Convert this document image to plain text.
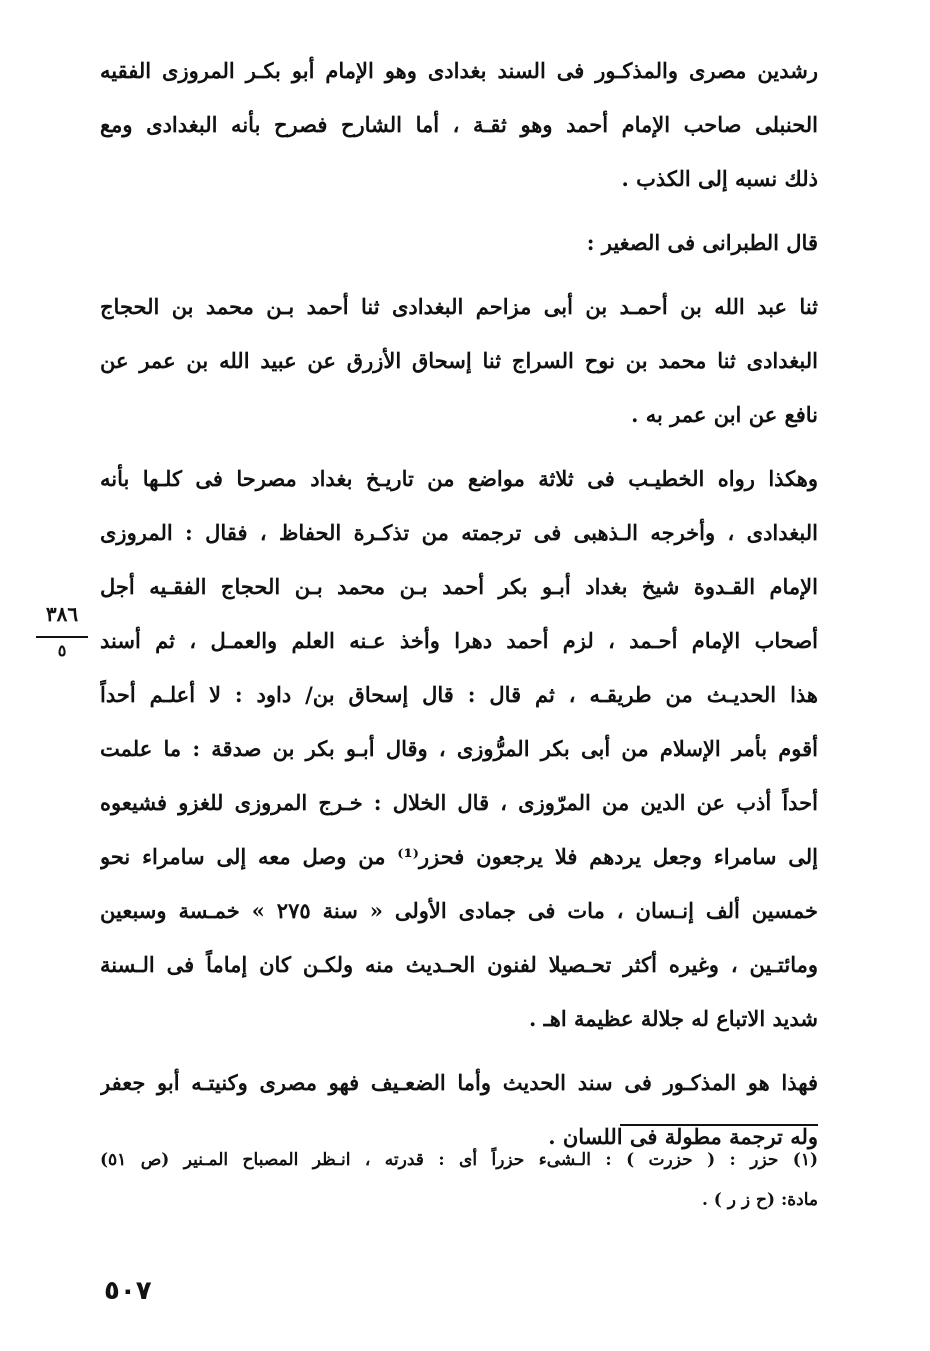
رشدين مصرى والمذكـور فى السند بغدادى وهو الإمام أبو بكـر المروزى الفقيه
الحنبلى صاحب الإمام أحمد وهو ثقـة ، أما الشارح فصرح بأنه البغدادى ومع
ذلك نسبه إلى الكذب .
قال الطبرانى فى الصغير :
ثنا عبد الله بن أحمـد بن أبى مزاحم البغدادى ثنا أحمد بـن محمد بن الحجاج
البغدادى ثنا محمد بن نوح السراج ثنا إسحاق الأزرق عن عبيد الله بن عمر عن
نافع عن ابن عمر به .
وهكذا رواه الخطيـب فى ثلاثة مواضع من تاريـخ بغداد مصرحا فى كلـها بأنه
البغدادى ، وأخرجه الـذهبى فى ترجمته من تذكـرة الحفاظ ، فقال : المروزى
الإمام القـدوة شيخ بغداد أبـو بكر أحمد بـن محمد بـن الحجاج الفقـيه أجل
أصحاب الإمام أحـمد ، لزم أحمد دهرا وأخذ عـنه العلم والعمـل ، ثم أسند
هذا الحديـث من طريقـه ، ثم قال : قال إسحاق بن/ داود : لا أعلـم أحداً
أقوم بأمر الإسلام من أبى بكر المرُّوزى ، وقال أبـو بكر بن صدقة : ما علمت
أحداً أذب عن الدين من المرّوزى ، قال الخلال : خـرج المروزى للغزو فشيعوه
إلى سامراء وجعل يردهم فلا يرجعون فحزر⁽¹⁾ من وصل معه إلى سامراء نحو
خمسين ألف إنـسان ، مات فى جمادى الأولى « سنة ٢٧٥ » خمـسة وسبعين
ومائتـين ، وغيره أكثر تحـصيلا لفنون الحـديث منه ولكـن كان إماماً فى الـسنة
شديد الاتباع له جلالة عظيمة اهـ .
فهذا هو المذكـور فى سند الحديث وأما الضعـيف فهو مصرى وكنيتـه أبو جعفر
وله ترجمة مطولة فى اللسان .
٣٨٦
٥
(١) حزر : ( حزرت ) : الـشىء حزراً أى : قدرته ، انـظر المصباح المـنير (ص ٥١)
مادة: (ح ز ر ) .
٥٠٧
